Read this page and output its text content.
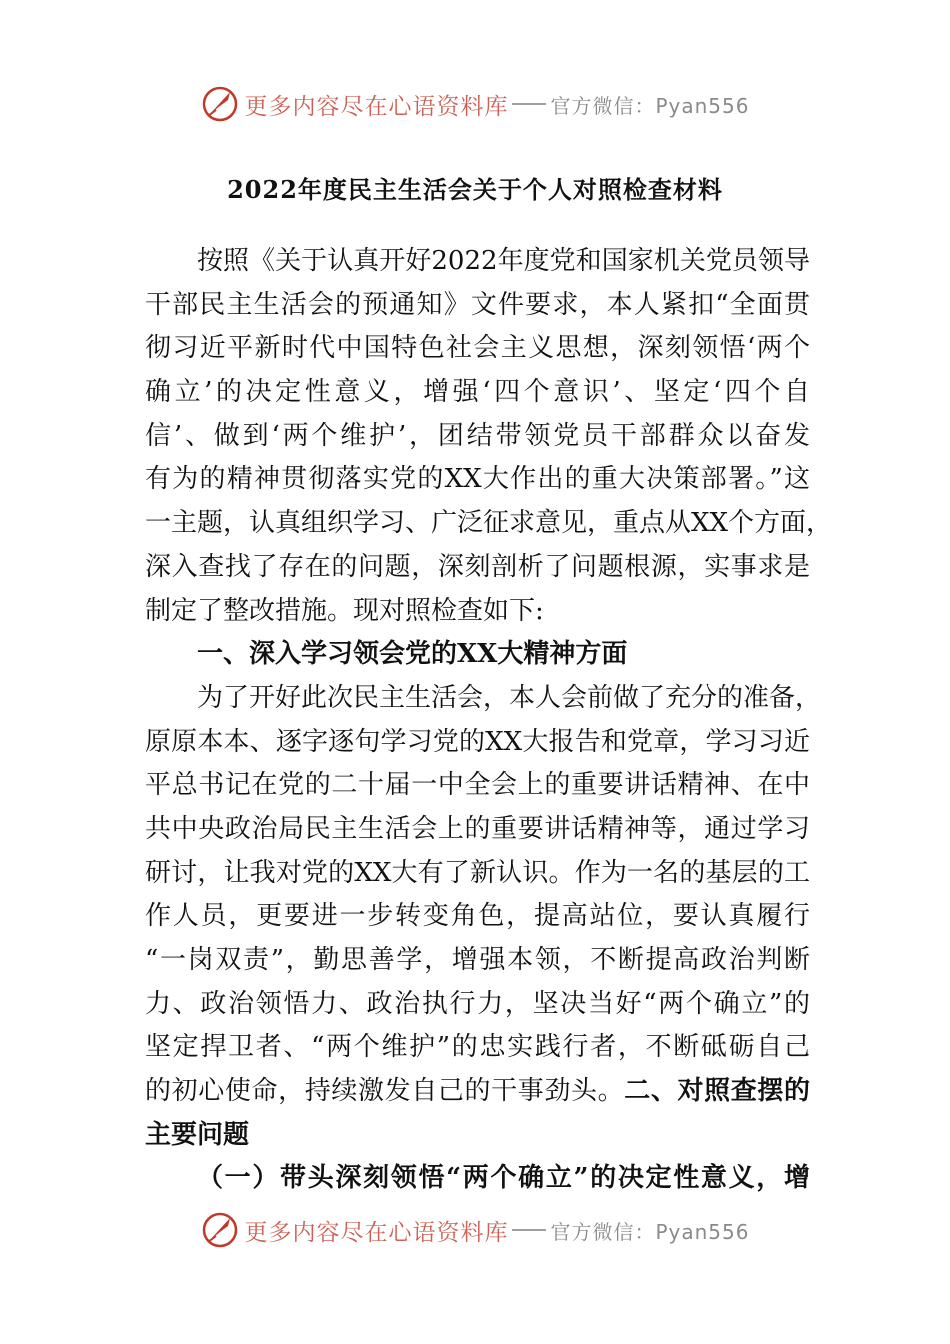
更多内容尽在心语资料库 官方微信：Pyan556
2022年度民主生活会关于个人对照检查材料
按照《关于认真开好2022年度党和国家机关党员领导
干部民主生活会的预通知》文件要求，本人紧扣“全面贯
彻习近平新时代中国特色社会主义思想，深刻领悟‘两个
确立’的决定性意义，增强‘四个意识’、坚定‘四个自
信’、做到‘两个维护’，团结带领党员干部群众以奋发
有为的精神贯彻落实党的XX大作出的重大决策部署。”这
一主题，认真组织学习、广泛征求意见，重点从XX个方面，
深入查找了存在的问题，深刻剖析了问题根源，实事求是
制定了整改措施。现对照检查如下:
一、深入学习领会党的XX大精神方面
为了开好此次民主生活会，本人会前做了充分的准备，
原原本本、逐字逐句学习党的XX大报告和党章，学习习近
平总书记在党的二十届一中全会上的重要讲话精神、在中
共中央政治局民主生活会上的重要讲话精神等，通过学习
研讨，让我对党的XX大有了新认识。作为一名的基层的工
作人员，更要进一步转变角色，提高站位，要认真履行
“一岗双责”，勤思善学，增强本领，不断提高政治判断
力、政治领悟力、政治执行力，坚决当好“两个确立”的
坚定捍卫者、“两个维护”的忠实践行者，不断砥砺自己
的初心使命，持续激发自己的干事劲头。二、对照查摆的
主要问题
（一）带头深刻领悟“两个确立”的决定性意义，增
更多内容尽在心语资料库 官方微信：Pyan556
